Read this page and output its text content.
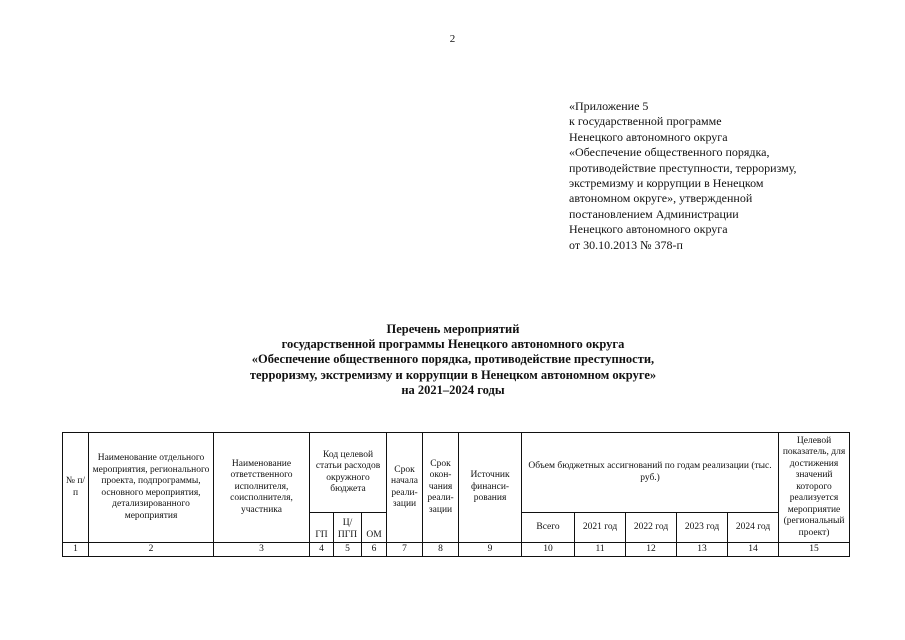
2
«Приложение 5
к государственной программе
Ненецкого автономного округа
«Обеспечение общественного порядка,
противодействие преступности, терроризму,
экстремизму и коррупции в Ненецком
автономном округе», утвержденной
постановлением Администрации
Ненецкого автономного округа
от 30.10.2013 № 378-п
Перечень мероприятий
государственной программы Ненецкого автономного округа
«Обеспечение общественного порядка, противодействие преступности,
терроризму, экстремизму и коррупции в Ненецком автономном округе»
на 2021–2024 годы
№ п/п	Наименование отдельного мероприятия, регионального проекта, подпрограммы, основного мероприятия, детализированного мероприятия	Наименование ответственного исполнителя, соисполнителя, участника	Код целевой статьи расходов окружного бюджета			Срок начала реали-зации	Срок окон-чания реали-зации	Источник финанси-рования	Объем бюджетных ассигнований по годам реализации (тыс. руб.)					Целевой показатель, для достижения значений которого реализуется мероприятие (региональный проект)
			ГП	Ц/ПГП	ОМ				Всего	2021 год	2022 год	2023 год	2024 год	
1	2	3	4	5	6	7	8	9	10	11	12	13	14	15
